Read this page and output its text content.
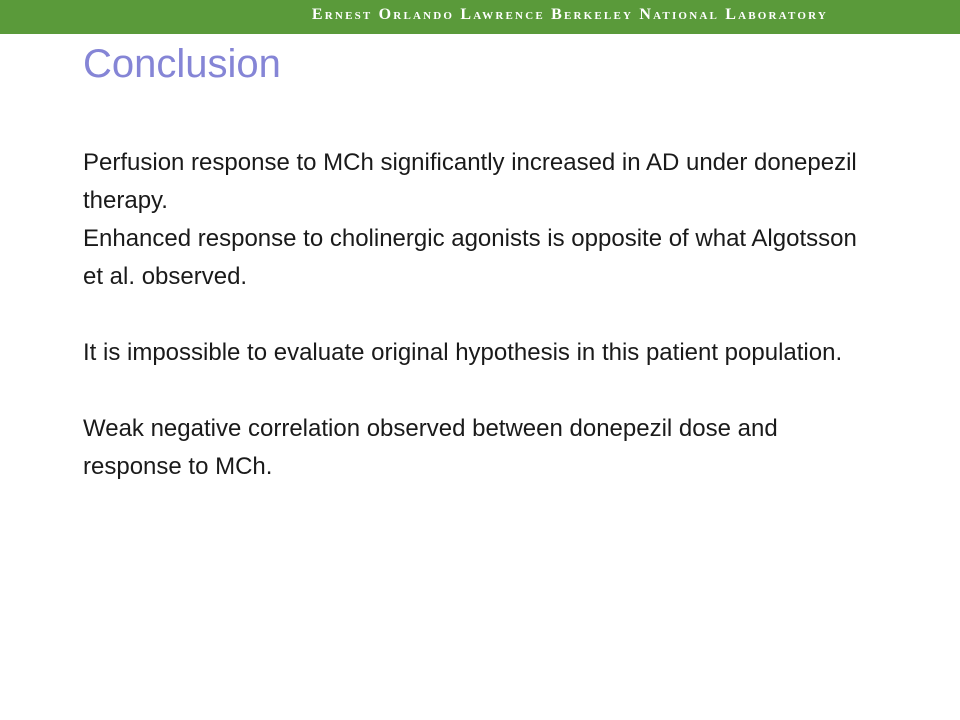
Ernest Orlando Lawrence Berkeley National Laboratory
Conclusion

Perfusion response to MCh significantly increased in AD under donepezil therapy.

Enhanced response to cholinergic agonists is opposite of what Algotsson et al. observed.

It is impossible to evaluate original hypothesis in this patient population.

Weak negative correlation observed between donepezil dose and response to MCh.
